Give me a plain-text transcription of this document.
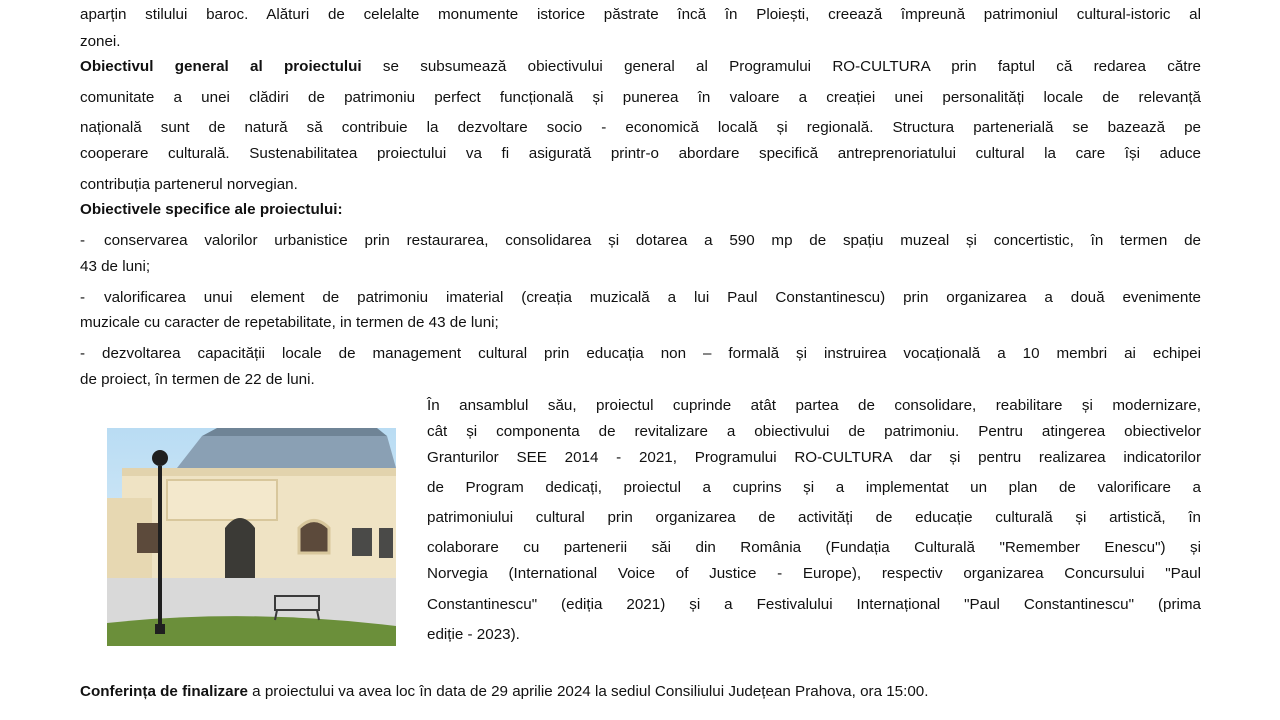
aparțin stilului baroc. Alături de celelalte monumente istorice păstrate încă în Ploiești, creează împreună patrimoniul cultural-istoric al
zonei.
Obiectivul general al proiectului se subsumează obiectivului general al Programului RO-CULTURA prin faptul că redarea către
comunitate a unei clădiri de patrimoniu perfect funcțională și punerea în valoare a creației unei personalități locale de relevanță
națională sunt de natură să contribuie la dezvoltare socio - economică locală și regională. Structura partenerială se bazează pe
cooperare culturală. Sustenabilitatea proiectului va fi asigurată printr-o abordare specifică antreprenoriatului cultural la care își aduce
contribuția partenerul norvegian.
Obiectivele specifice ale proiectului:
- conservarea valorilor urbanistice prin restaurarea, consolidarea și dotarea a 590 mp de spațiu muzeal și concertistic, în termen de
43 de luni;
- valorificarea unui element de patrimoniu imaterial (creația muzicală a lui Paul Constantinescu) prin organizarea a două evenimente
muzicale cu caracter de repetabilitate, in termen de 43 de luni;
- dezvoltarea capacității locale de management cultural prin educația non – formală și instruirea vocațională a 10 membri ai echipei
de proiect, în termen de 22 de luni.
În ansamblul său, proiectul cuprinde atât partea de consolidare, reabilitare și modernizare,
cât și componenta de revitalizare a obiectivului de patrimoniu. Pentru atingerea obiectivelor
Granturilor SEE 2014 - 2021, Programului RO-CULTURA dar și pentru realizarea indicatorilor
de Program dedicați, proiectul a cuprins și a implementat un plan de valorificare a
patrimoniului cultural prin organizarea de activități de educație culturală și artistică, în
colaborare cu partenerii săi din România (Fundația Culturală "Remember Enescu") și
Norvegia (International Voice of Justice - Europe), respectiv organizarea Concursului "Paul
Constantinescu" (ediția 2021) și a Festivalului Internațional "Paul Constantinescu" (prima
ediție - 2023).
Conferința de finalizare a proiectului va avea loc în data de 29 aprilie 2024 la sediul Consiliului Județean Prahova, ora 15:00.
